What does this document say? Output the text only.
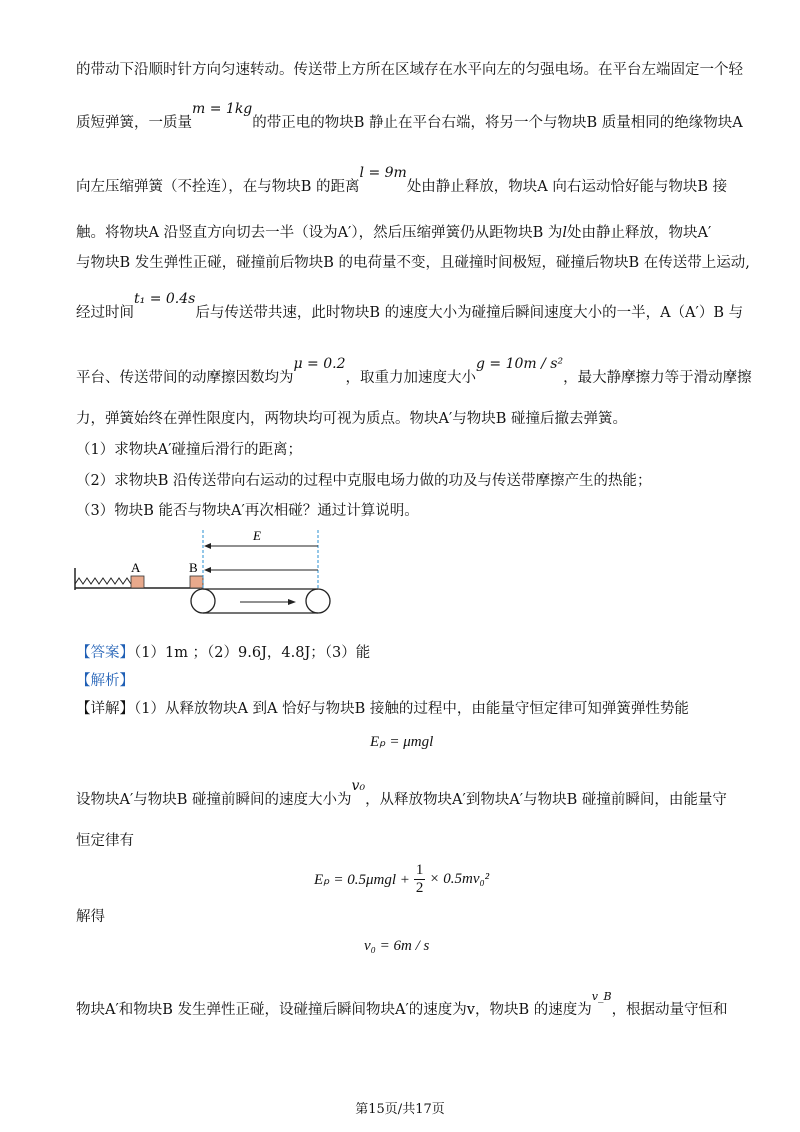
的带动下沿顺时针方向匀速转动。传送带上方所在区域存在水平向左的匀强电场。在平台左端固定一个轻
质短弹簧，一质量m = 1kg的带正电的物块B 静止在平台右端，将另一个与物块B 质量相同的绝缘物块A
向左压缩弹簧（不拴连），在与物块B 的距离l = 9m处由静止释放，物块A 向右运动恰好能与物块B 接
触。将物块A 沿竖直方向切去一半（设为A′），然后压缩弹簧仍从距物块B 为l处由静止释放，物块A′
与物块B 发生弹性正碰，碰撞前后物块B 的电荷量不变，且碰撞时间极短，碰撞后物块B 在传送带上运动,
经过时间t₁ = 0.4s后与传送带共速，此时物块B 的速度大小为碰撞后瞬间速度大小的一半，A（A′）B 与
平台、传送带间的动摩擦因数均为μ = 0.2，取重力加速度大小g = 10m / s²，最大静摩擦力等于滑动摩擦
力，弹簧始终在弹性限度内，两物块均可视为质点。物块A′与物块B 碰撞后撤去弹簧。
（1）求物块A′碰撞后滑行的距离；
（2）求物块B 沿传送带向右运动的过程中克服电场力做的功及与传送带摩擦产生的热能；
（3）物块B 能否与物块A′再次相碰？通过计算说明。
A	B
E
【答案】（1）1m ；（2）9.6J，4.8J；（3）能
【解析】
【详解】（1）从释放物块A 到A 恰好与物块B 接触的过程中，由能量守恒定律可知弹簧弹性势能
Eₚ = μmgl
设物块A′与物块B 碰撞前瞬间的速度大小为v₀，从释放物块A′到物块A′与物块B 碰撞前瞬间，由能量守
恒定律有
$E_p = 0.5\mu mgl + \frac{1}{2} \times 0.5mv_0^2$
解得
v₀ = 6m / s
物块A′和物块B 发生弹性正碰，设碰撞后瞬间物块A′的速度为v，物块B 的速度为$^{v\_B}$，根据动量守恒和
第15页/共17页
